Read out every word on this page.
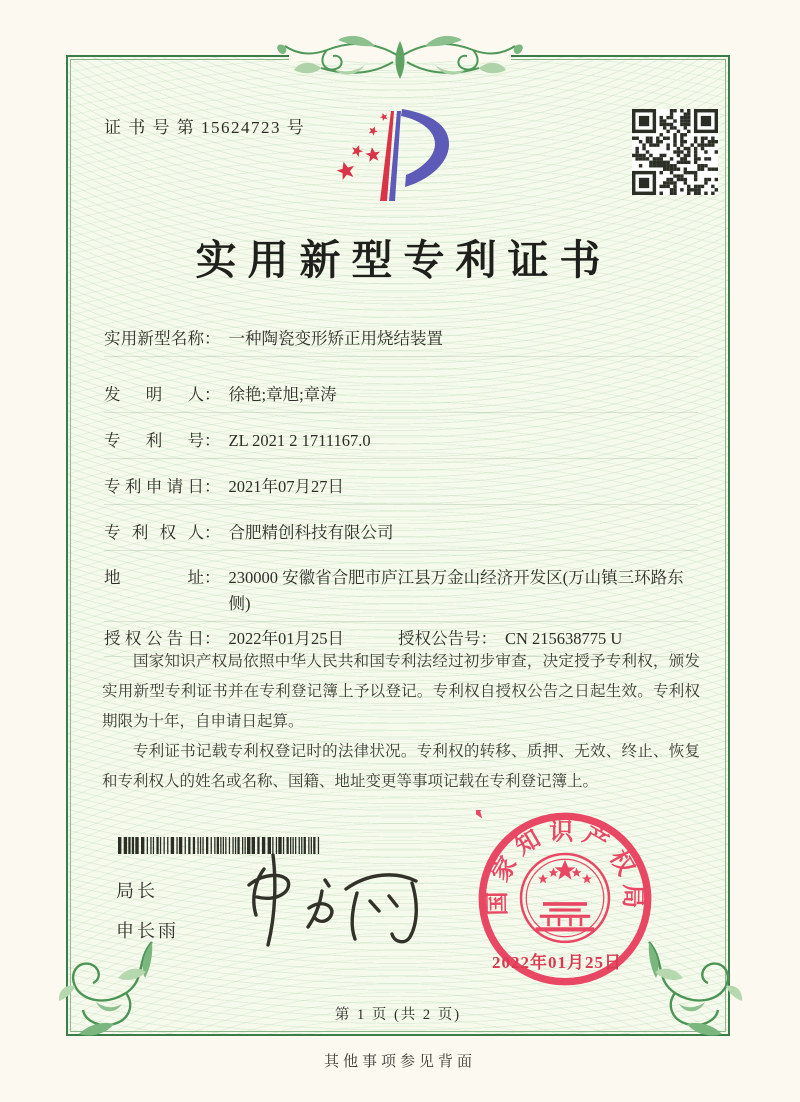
证 书 号 第 15624723 号
实用新型专利证书
实用新型名称 ： 一种陶瓷变形矫正用烧结装置
发明人 ： 徐艳;章旭;章涛
专利号 ： ZL 2021 2 1711167.0
专利申请日 ： 2021年07月27日
专利权人 ： 合肥精创科技有限公司
地址 ： 230000 安徽省合肥市庐江县万金山经济开发区(万山镇三环路东侧)
授权公告日 ： 2022年01月25日	授权公告号 ： CN 215638775 U

国家知识产权局依照中华人民共和国专利法经过初步审查，决定授予专利权，颁发实用新型专利证书并在专利登记簿上予以登记。专利权自授权公告之日起生效。专利权期限为十年，自申请日起算。

专利证书记载专利权登记时的法律状况。专利权的转移、质押、无效、终止、恢复和专利权人的姓名或名称、国籍、地址变更等事项记载在专利登记簿上。

局长
申长雨
国家知识产权局
2022年01月25日
第 1 页 (共 2 页)
其他事项参见背面
